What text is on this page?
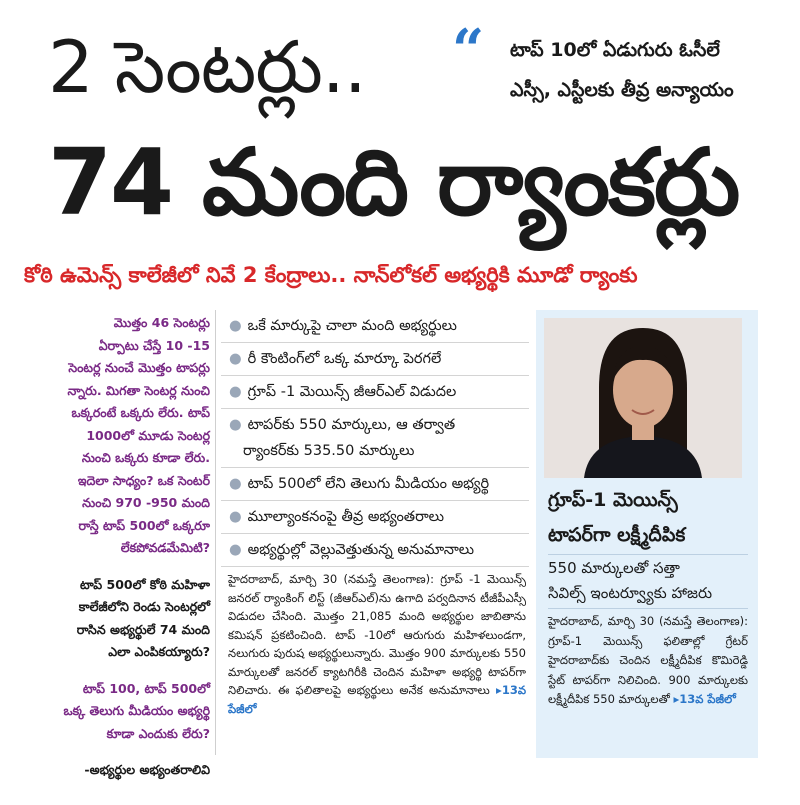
2 సెంటర్లు.. “ టాప్ 10లో ఏడుగురు ఓసీలే
ఎస్సీ, ఎస్టీలకు తీవ్ర అన్యాయం
74 మంది ర్యాంకర్లు
కోఠి ఉమెన్స్ కాలేజీలో నివే 2 కేంద్రాలు.. నాన్‌లోకల్ అభ్యర్థికి మూడో ర్యాంకు
మొత్తం 46 సెంటర్లు
ఏర్పాటు చేస్తే 10 -15
సెంటర్ల నుంచే మొత్తం టాపర్లు
న్నారు. మిగతా సెంటర్ల నుంచి
ఒక్కరంటే ఒక్కరు లేరు. టాప్
1000లో మూడు సెంటర్ల
నుంచి ఒక్కరు కూడా లేరు.
ఇదెలా సాధ్యం? ఒక సెంటర్
నుంచి 970 -950 మంది
రాస్తే టాప్ 500లో ఒక్కరూ
లేకపోవడమేమిటి?
టాప్ 500లో కోఠి మహిళా
కాలేజీలోని రెండు సెంటర్లలో
రాసిన అభ్యర్థులే 74 మంది
ఎలా ఎంపికయ్యారు?
టాప్ 100, టాప్ 500లో
ఒక్క తెలుగు మీడియం అభ్యర్థి
కూడా ఎందుకు లేరు?
-అభ్యర్థుల అభ్యంతరాలివి
● ఒకే మార్కుపై చాలా మంది అభ్యర్థులు
● రీ కౌంటింగ్‌లో ఒక్క మార్కూ పెరగలే
● గ్రూప్ -1 మెయిన్స్ జీఆర్ఎల్ విడుదల
● టాపర్‌కు 550 మార్కులు, ఆ తర్వాత
ర్యాంకర్‌కు 535.50 మార్కులు
● టాప్ 500లో లేని తెలుగు మీడియం అభ్యర్థి
● మూల్యాంకనంపై తీవ్ర అభ్యంతరాలు
● అభ్యర్థుల్లో వెల్లువెత్తుతున్న అనుమానాలు
హైదరాబాద్, మార్చి 30 (నమస్తే తెలంగాణ): గ్రూప్ -1 మెయిన్స్ జనరల్ ర్యాంకింగ్ లిస్ట్ (జీఆర్ఎల్)ను ఉగాది పర్వదినాన టీజీపీఎస్సీ విడుదల చేసింది. మొత్తం 21,085 మంది అభ్యర్థుల జాబితాను కమిషన్ ప్రకటించింది. టాప్ -10లో ఆరుగురు మహిళలుండగా, నలుగురు పురుష అభ్యర్థులున్నారు. మొత్తం 900 మార్కులకు 550 మార్కులతో జనరల్ క్యాటగిరీకి చెందిన మహిళా అభ్యర్థి టాపర్‌గా నిలిచారు. ఈ ఫలితాలపై అభ్యర్థులు అనేక అనుమానాలు ▸13వ పేజీలో
గ్రూప్-1 మెయిన్స్
టాపర్‌గా లక్ష్మీదీపిక
550 మార్కులతో సత్తా
సివిల్స్ ఇంటర్వ్యూకు హాజరు
హైదరాబాద్, మార్చి 30 (నమస్తే తెలంగాణ): గ్రూప్-1 మెయిన్స్ ఫలితాల్లో గ్రేటర్ హైదరాబాద్‌కు చెందిన లక్ష్మీదీపిక కొమిరెడ్డి స్టేట్ టాపర్‌గా నిలిచింది. 900 మార్కులకు లక్ష్మీదీపిక 550 మార్కులతో ▸13వ పేజీలో
